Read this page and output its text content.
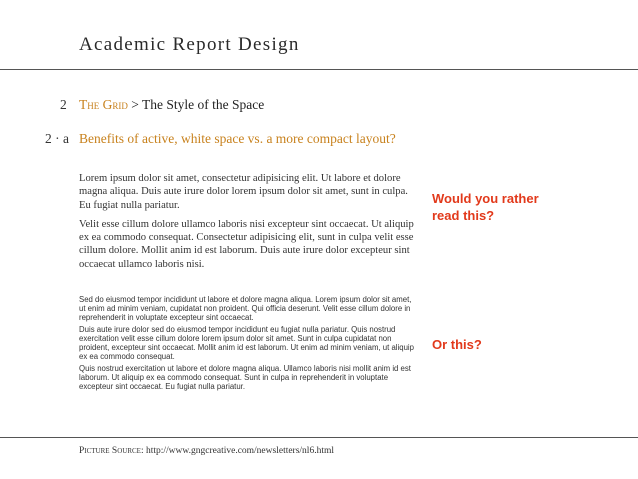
Academic Report Design
2 The Grid > The Style of the Space
2 · a Benefits of active, white space vs. a more compact layout?

Lorem ipsum dolor sit amet, consectetur adipisicing elit. Ut labore et dolore magna aliqua. Duis aute irure dolor lorem ipsum dolor sit amet, sunt in culpa. Eu fugiat nulla pariatur.

Velit esse cillum dolore ullamco laboris nisi excepteur sint occaecat. Ut aliquip ex ea commodo consequat. Consectetur adipisicing elit, sunt in culpa velit esse cillum dolore. Mollit anim id est laborum. Duis aute irure dolor excepteur sint occaecat ullamco laboris nisi.

Would you rather
read this?

Sed do eiusmod tempor incididunt ut labore et dolore magna aliqua. Lorem ipsum dolor sit amet, ut enim ad minim veniam, cupidatat non proident. Qui officia deserunt. Velit esse cillum dolore in reprehenderit in voluptate excepteur sint occaecat.

Duis aute irure dolor sed do eiusmod tempor incididunt eu fugiat nulla pariatur. Quis nostrud exercitation velit esse cillum dolore lorem ipsum dolor sit amet. Sunt in culpa cupidatat non proident, excepteur sint occaecat. Mollit anim id est laborum. Ut enim ad minim veniam, ut aliquip ex ea commodo consequat.

Quis nostrud exercitation ut labore et dolore magna aliqua. Ullamco laboris nisi mollit anim id est laborum. Ut aliquip ex ea commodo consequat. Sunt in culpa in reprehenderit in voluptate excepteur sint occaecat. Eu fugiat nulla pariatur.

Or this?
Picture Source: http://www.gngcreative.com/newsletters/nl6.html
